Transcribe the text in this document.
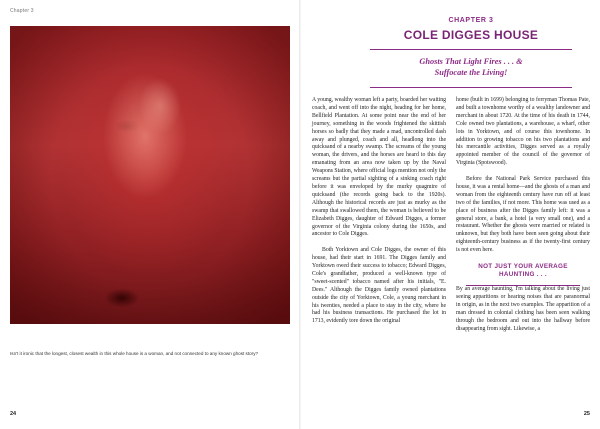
Chapter 3
Isn't it ironic that the longest, closest wealth in this whole house is a woman, and not connected to any known ghost story?
24
CHAPTER 3
COLE DIGGES HOUSE
Ghosts That Light Fires . . . &
Suffocate the Living!

A young, wealthy woman left a party, boarded her waiting coach, and went off into the night, heading for her home, Bellfield Plantation. At some point near the end of her journey, something in the woods frightened the skittish horses so badly that they made a mad, uncontrolled dash away and plunged, coach and all, headlong into the quicksand of a nearby swamp. The screams of the young woman, the drivers, and the horses are heard to this day emanating from an area now taken up by the Naval Weapons Station, where official logs mention not only the screams but the partial sighting of a sinking coach right before it was enveloped by the murky quagmire of quicksand (the records going back to the 1920s). Although the historical records are just as murky as the swamp that swallowed them, the woman is believed to be Elizabeth Digges, daughter of Edward Digges, a former governor of the Virginia colony during the 1650s, and ancestor to Cole Digges.

Both Yorktown and Cole Digges, the owner of this house, had their start in 1691. The Digges family and Yorktown owed their success to tobacco; Edward Digges, Cole's grandfather, produced a well-known type of "sweet-scented" tobacco named after his initials, "E. Dees." Although the Digges family owned plantations outside the city of Yorktown, Cole, a young merchant in his twenties, needed a place to stay in the city, where he had his business transactions. He purchased the lot in 1713, evidently tore down the original

home (built in 1699) belonging to ferryman Thomas Pate, and built a townhome worthy of a wealthy landowner and merchant in about 1720. At the time of his death in 1744, Cole owned two plantations, a warehouse, a wharf, other lots in Yorktown, and of course this townhome. In addition to growing tobacco on his two plantations and his mercantile activities, Digges served as a royally appointed member of the council of the governor of Virginia (Spotswood).

Before the National Park Service purchased this house, it was a rental home—and the ghosts of a man and woman from the eighteenth century have run off at least two of the families, if not more. This home was used as a place of business after the Digges family left: it was a general store, a bank, a hotel (a very small one), and a restaurant. Whether the ghosts were married or related is unknown, but they both have been seen going about their eighteenth-century business as if the twenty-first century is not even here.

NOT JUST YOUR AVERAGE
HAUNTING . . .

By an average haunting, I'm talking about the living just seeing apparitions or hearing noises that are paranormal in origin, as in the next two examples. The apparition of a man dressed in colonial clothing has been seen walking through the bedroom and out into the hallway before disappearing from sight. Likewise, a

25
